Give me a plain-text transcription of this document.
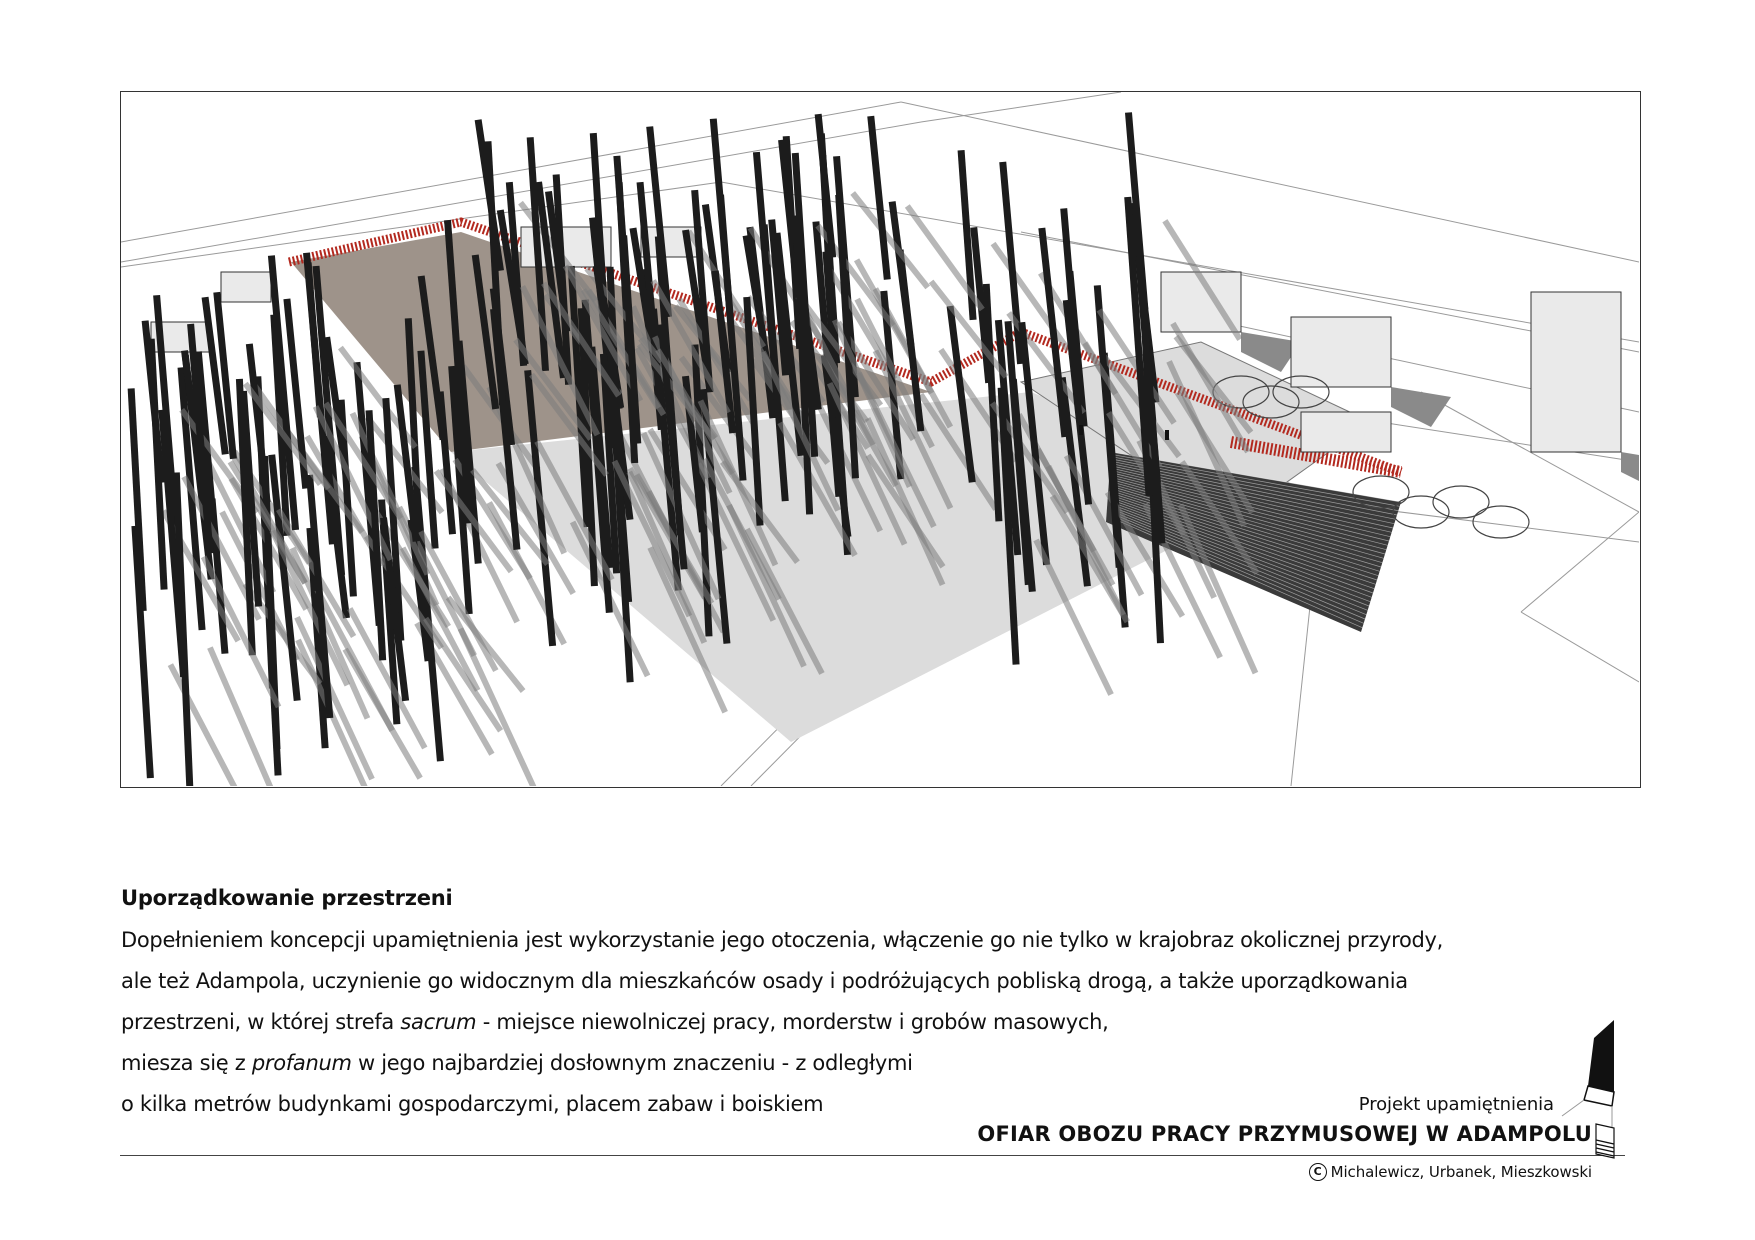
Uporządkowanie przestrzeni

Dopełnieniem koncepcji upamiętnienia jest wykorzystanie jego otoczenia, włączenie go nie tylko w krajobraz okolicznej przyrody,

ale też Adampola, uczynienie go widocznym dla mieszkańców osady i podróżujących pobliską drogą, a także uporządkowania

przestrzeni, w której strefa sacrum - miejsce niewolniczej pracy, morderstw i grobów masowych,

miesza się z profanum w jego najbardziej dosłownym znaczeniu - z odległymi

o kilka metrów budynkami gospodarczymi, placem zabaw i boiskiem	Projekt upamiętnienia
OFIAR OBOZU PRACY PRZYMUSOWEJ W ADAMPOLU
C Michalewicz, Urbanek, Mieszkowski
